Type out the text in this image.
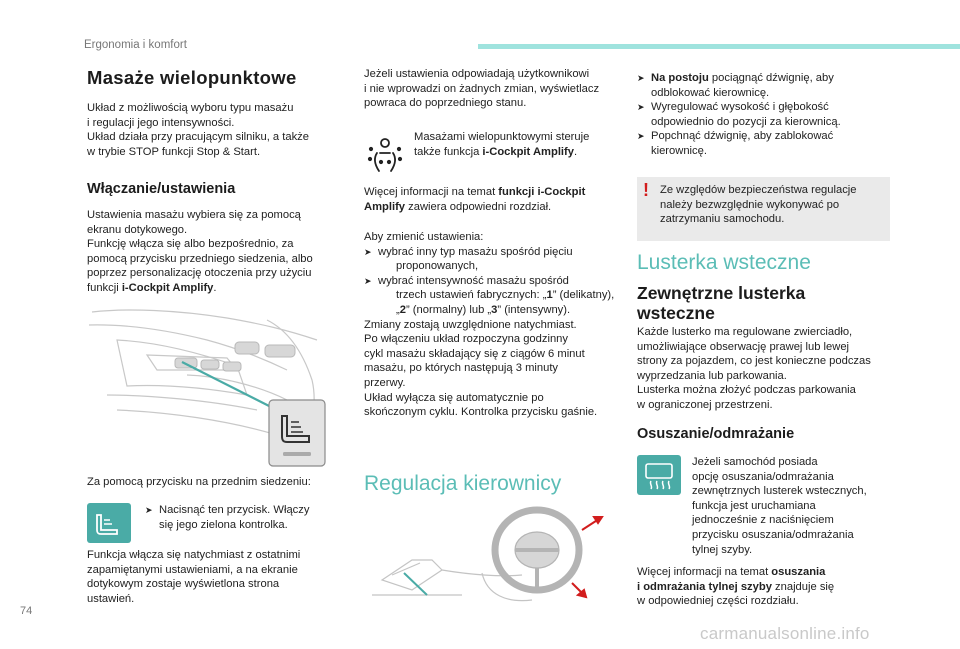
Ergonomia i komfort
74
carmanualsonline.info
Masaże wielopunktowe

Układ z możliwością wyboru typu masażu

i regulacji jego intensywności.

Układ działa przy pracującym silniku, a także

w trybie STOP funkcji Stop & Start.

Włączanie/ustawienia

Ustawienia masażu wybiera się za pomocą

ekranu dotykowego.

Funkcję włącza się albo bezpośrednio, za

pomocą przycisku przedniego siedzenia, albo

poprzez personalizację otoczenia przy użyciu

funkcji i-Cockpit Amplify.

Za pomocą przycisku na przednim siedzeniu:

➤ Nacisnąć ten przycisk. Włączy

się jego zielona kontrolka.

Funkcja włącza się natychmiast z ostatnimi

zapamiętanymi ustawieniami, a na ekranie

dotykowym zostaje wyświetlona strona

ustawień.

Jeżeli ustawienia odpowiadają użytkownikowi

i nie wprowadzi on żadnych zmian, wyświetlacz

powraca do poprzedniego stanu.

Masażami wielopunktowymi steruje

także funkcja i-Cockpit Amplify.

Więcej informacji na temat funkcji i-Cockpit

Amplify zawiera odpowiedni rozdział.

Aby zmienić ustawienia:

➤ wybrać inny typ masażu spośród pięciu

proponowanych,

➤ wybrać intensywność masażu spośród

trzech ustawień fabrycznych: „1” (delikatny),

„2” (normalny) lub „3” (intensywny).

Zmiany zostają uwzględnione natychmiast.

Po włączeniu układ rozpoczyna godzinny

cykl masażu składający się z ciągów 6 minut

masażu, po których następują 3 minuty

przerwy.

Układ wyłącza się automatycznie po

skończonym cyklu. Kontrolka przycisku gaśnie.

Regulacja kierownicy

➤ Na postoju pociągnąć dźwignię, aby

odblokować kierownicę.

➤ Wyregulować wysokość i głębokość

odpowiednio do pozycji za kierownicą.

➤ Popchnąć dźwignię, aby zablokować

kierownicę.

! Ze względów bezpieczeństwa regulacje

należy bezwzględnie wykonywać po

zatrzymaniu samochodu.

Lusterka wsteczne

Zewnętrzne lusterka
wsteczne

Każde lusterko ma regulowane zwierciadło,

umożliwiające obserwację prawej lub lewej

strony za pojazdem, co jest konieczne podczas

wyprzedzania lub parkowania.

Lusterka można złożyć podczas parkowania

w ograniczonej przestrzeni.

Osuszanie/odmrażanie

Jeżeli samochód posiada

opcję osuszania/odmrażania

zewnętrznych lusterek wstecznych,

funkcja jest uruchamiana

jednocześnie z naciśnięciem

przycisku osuszania/odmrażania

tylnej szyby.

Więcej informacji na temat osuszania

i odmrażania tylnej szyby znajduje się

w odpowiedniej części rozdziału.
